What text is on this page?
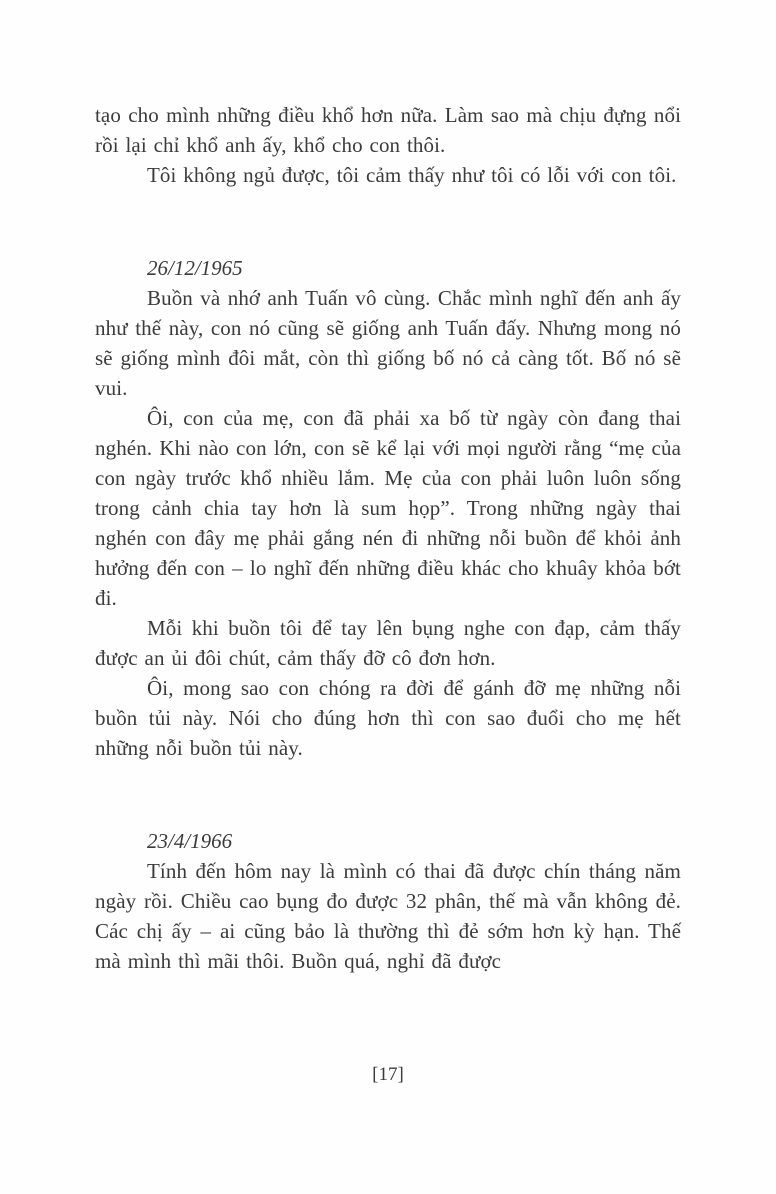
tạo cho mình những điều khổ hơn nữa. Làm sao mà chịu đựng nổi rồi lại chỉ khổ anh ấy, khổ cho con thôi.

Tôi không ngủ được, tôi cảm thấy như tôi có lỗi với con tôi.

26/12/1965

Buồn và nhớ anh Tuấn vô cùng. Chắc mình nghĩ đến anh ấy như thế này, con nó cũng sẽ giống anh Tuấn đấy. Nhưng mong nó sẽ giống mình đôi mắt, còn thì giống bố nó cả càng tốt. Bố nó sẽ vui.

Ôi, con của mẹ, con đã phải xa bố từ ngày còn đang thai nghén. Khi nào con lớn, con sẽ kể lại với mọi người rằng “mẹ của con ngày trước khổ nhiều lắm. Mẹ của con phải luôn luôn sống trong cảnh chia tay hơn là sum họp”. Trong những ngày thai nghén con đây mẹ phải gắng nén đi những nỗi buồn để khỏi ảnh hưởng đến con – lo nghĩ đến những điều khác cho khuây khỏa bớt đi.

Mỗi khi buồn tôi để tay lên bụng nghe con đạp, cảm thấy được an ủi đôi chút, cảm thấy đỡ cô đơn hơn.

Ôi, mong sao con chóng ra đời để gánh đỡ mẹ những nỗi buồn tủi này. Nói cho đúng hơn thì con sao đuổi cho mẹ hết những nỗi buồn tủi này.

23/4/1966

Tính đến hôm nay là mình có thai đã được chín tháng năm ngày rồi. Chiều cao bụng đo được 32 phân, thế mà vẫn không đẻ. Các chị ấy – ai cũng bảo là thường thì đẻ sớm hơn kỳ hạn. Thế mà mình thì mãi thôi. Buồn quá, nghỉ đã được

[17]
